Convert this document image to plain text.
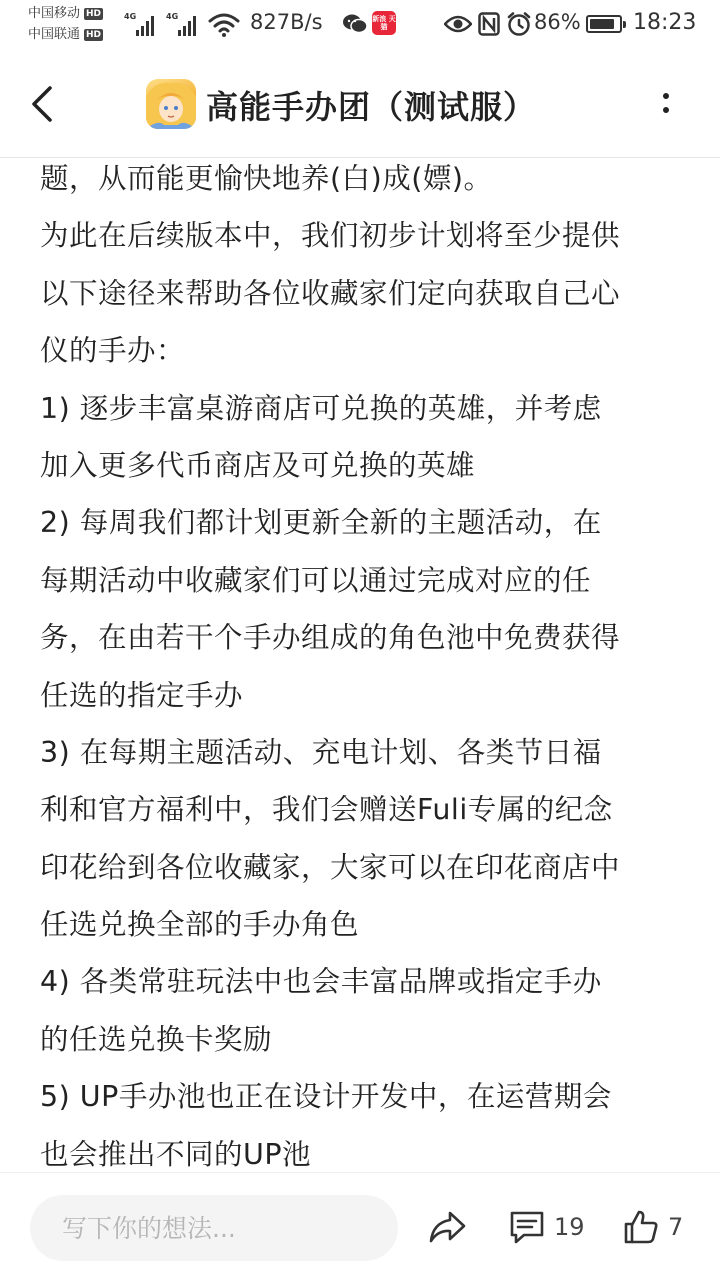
中国移动 HD
中国联通 HD
4G	4G	827B/s	新浪 天猫	86% 18:23
高能手办团（测试服）
题，从而能更愉快地养(白)成(嫖)。
为此在后续版本中，我们初步计划将至少提供
以下途径来帮助各位收藏家们定向获取自己心
仪的手办：
1) 逐步丰富桌游商店可兑换的英雄，并考虑
加入更多代币商店及可兑换的英雄
2) 每周我们都计划更新全新的主题活动，在
每期活动中收藏家们可以通过完成对应的任
务，在由若干个手办组成的角色池中免费获得
任选的指定手办
3) 在每期主题活动、充电计划、各类节日福
利和官方福利中，我们会赠送Fuli专属的纪念
印花给到各位收藏家，大家可以在印花商店中
任选兑换全部的手办角色
4) 各类常驻玩法中也会丰富品牌或指定手办
的任选兑换卡奖励
5) UP手办池也正在设计开发中，在运营期会
也会推出不同的UP池
写下你的想法...
19	7
